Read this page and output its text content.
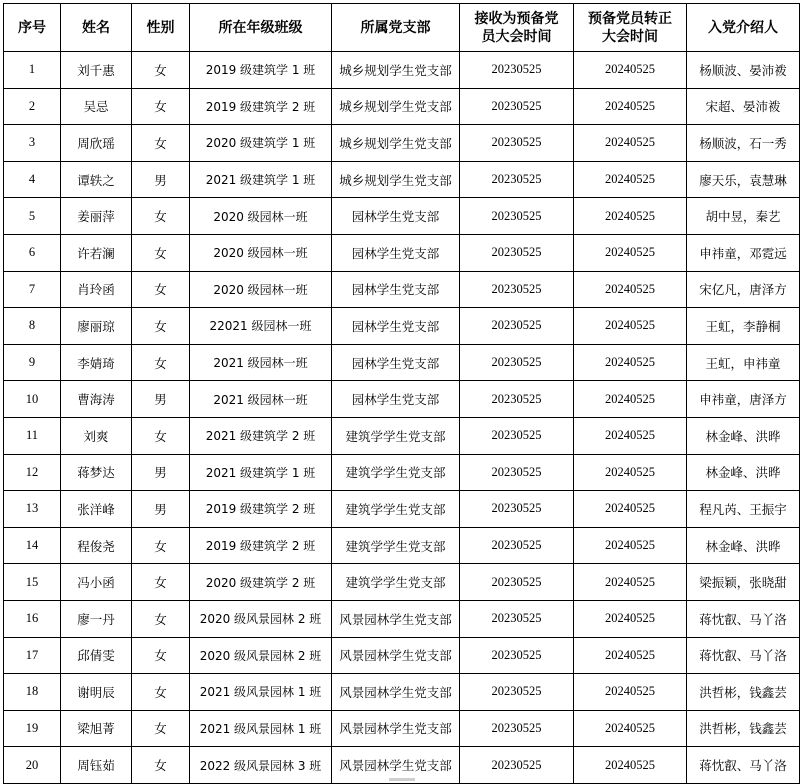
序号	姓名	性别	所在年级班级	所属党支部	接收为预备党员大会时间	预备党员转正大会时间	入党介绍人
1	刘千惠	女	2019 级建筑学 1 班	城乡规划学生党支部	20230525	20240525	杨顺波、晏沛袯
2	吴忌	女	2019 级建筑学 2 班	城乡规划学生党支部	20230525	20240525	宋超、晏沛袯
3	周欣瑶	女	2020 级建筑学 1 班	城乡规划学生党支部	20230525	20240525	杨顺波，石一秀
4	谭轶之	男	2021 级建筑学 1 班	城乡规划学生党支部	20230525	20240525	廖天乐，袁慧琳
5	姜丽萍	女	2020 级园林一班	园林学生党支部	20230525	20240525	胡中昱，秦艺
6	许若澜	女	2020 级园林一班	园林学生党支部	20230525	20240525	申祎童，邓霓远
7	肖玲函	女	2020 级园林一班	园林学生党支部	20230525	20240525	宋亿凡，唐泽方
8	廖丽琼	女	22021 级园林一班	园林学生党支部	20230525	20240525	王虹，李静桐
9	李婧琦	女	2021 级园林一班	园林学生党支部	20230525	20240525	王虹，申祎童
10	曹海涛	男	2021 级园林一班	园林学生党支部	20230525	20240525	申祎童，唐泽方
11	刘爽	女	2021 级建筑学 2 班	建筑学学生党支部	20230525	20240525	林金峰、洪晔
12	蒋梦达	男	2021 级建筑学 1 班	建筑学学生党支部	20230525	20240525	林金峰、洪晔
13	张洋峰	男	2019 级建筑学 2 班	建筑学学生党支部	20230525	20240525	程凡芮、王振宇
14	程俊尧	女	2019 级建筑学 2 班	建筑学学生党支部	20230525	20240525	林金峰、洪晔
15	冯小函	女	2020 级建筑学 2 班	建筑学学生党支部	20230525	20240525	梁振颖，张晓甜
16	廖一丹	女	2020 级风景园林 2 班	风景园林学生党支部	20230525	20240525	蒋忱叡、马丫洛
17	邱倩雯	女	2020 级风景园林 2 班	风景园林学生党支部	20230525	20240525	蒋忱叡、马丫洛
18	谢明辰	女	2021 级风景园林 1 班	风景园林学生党支部	20230525	20240525	洪哲彬，钱鑫芸
19	梁旭菁	女	2021 级风景园林 1 班	风景园林学生党支部	20230525	20240525	洪哲彬，钱鑫芸
20	周钰茹	女	2022 级风景园林 3 班	风景园林学生党支部	20230525	20240525	蒋忱叡、马丫洛
